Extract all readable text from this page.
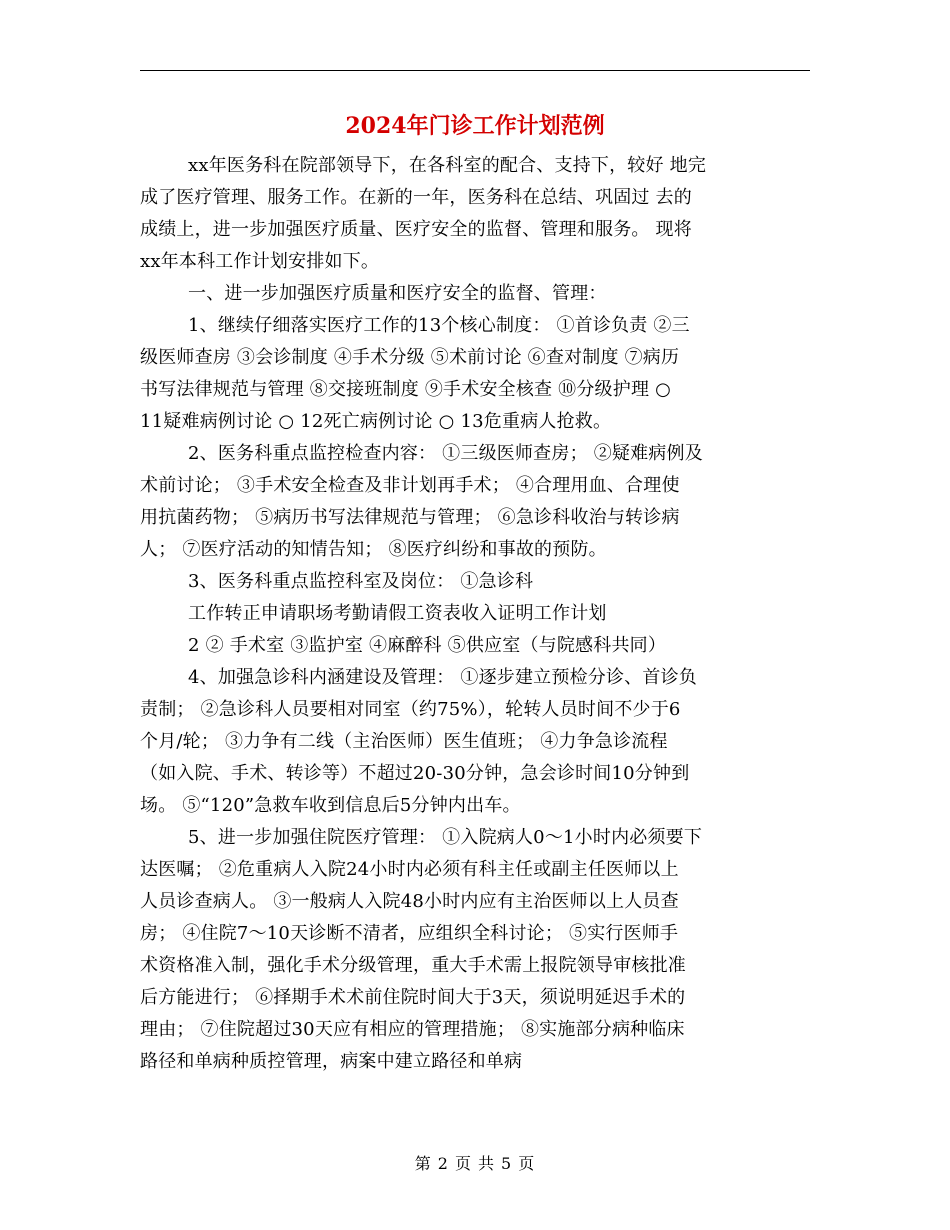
2024年门诊工作计划范例
xx年医务科在院部领导下，在各科室的配合、支持下，较好 地完
成了医疗管理、服务工作。在新的一年，医务科在总结、巩固过 去的
成绩上，进一步加强医疗质量、医疗安全的监督、管理和服务。 现将
xx年本科工作计划安排如下。
一、进一步加强医疗质量和医疗安全的监督、管理：
1、继续仔细落实医疗工作的13个核心制度： ①首诊负责 ②三
级医师查房 ③会诊制度 ④手术分级 ⑤术前讨论 ⑥查对制度 ⑦病历
书写法律规范与管理 ⑧交接班制度 ⑨手术安全核查 ⑩分级护理 ○
11疑难病例讨论 ○ 12死亡病例讨论 ○ 13危重病人抢救。
2、医务科重点监控检查内容： ①三级医师查房； ②疑难病例及
术前讨论； ③手术安全检查及非计划再手术； ④合理用血、合理使
用抗菌药物； ⑤病历书写法律规范与管理； ⑥急诊科收治与转诊病
人； ⑦医疗活动的知情告知； ⑧医疗纠纷和事故的预防。
3、医务科重点监控科室及岗位： ①急诊科
工作转正申请职场考勤请假工资表收入证明工作计划
2 ② 手术室 ③监护室 ④麻醉科 ⑤供应室（与院感科共同）
4、加强急诊科内涵建设及管理： ①逐步建立预检分诊、首诊负
责制； ②急诊科人员要相对同室（约75%），轮转人员时间不少于6
个月/轮； ③力争有二线（主治医师）医生值班； ④力争急诊流程
（如入院、手术、转诊等）不超过20-30分钟，急会诊时间10分钟到
场。 ⑤“120”急救车收到信息后5分钟内出车。
5、进一步加强住院医疗管理： ①入院病人0～1小时内必须要下
达医嘱； ②危重病人入院24小时内必须有科主任或副主任医师以上
人员诊查病人。 ③一般病人入院48小时内应有主治医师以上人员查
房； ④住院7～10天诊断不清者，应组织全科讨论； ⑤实行医师手
术资格准入制，强化手术分级管理，重大手术需上报院领导审核批准
后方能进行； ⑥择期手术术前住院时间大于3天，须说明延迟手术的
理由； ⑦住院超过30天应有相应的管理措施； ⑧实施部分病种临床
路径和单病种质控管理，病案中建立路径和单病
第 2 页 共 5 页
